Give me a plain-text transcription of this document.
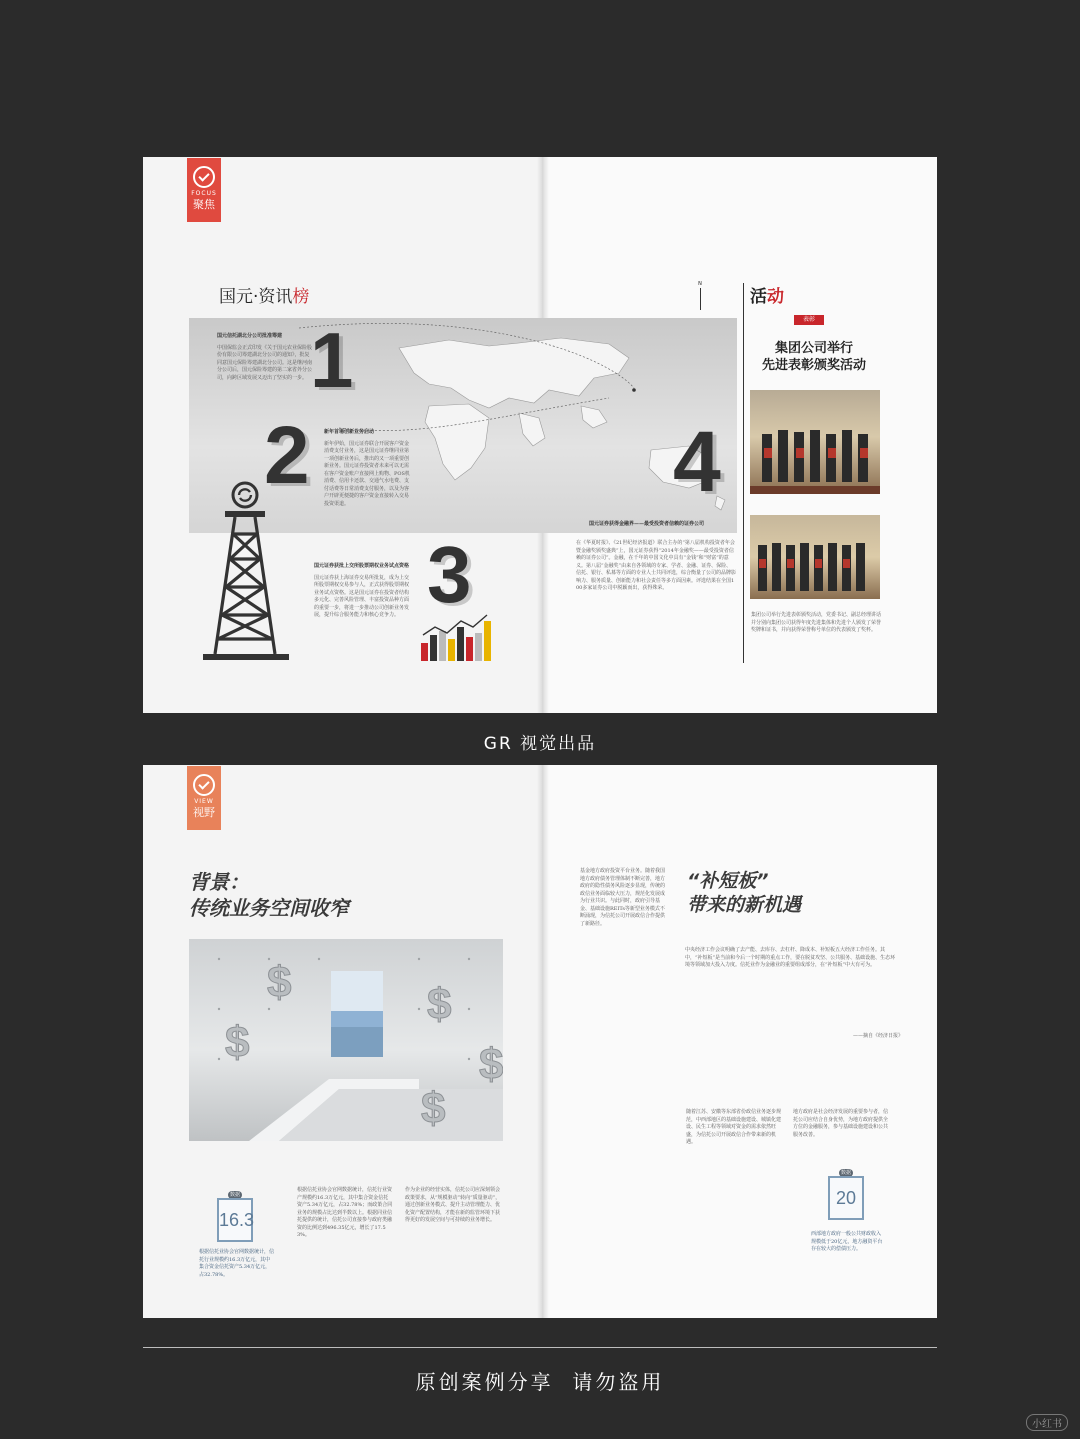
FOCUS
聚焦
国元·资讯榜
国元信托湖北分公司批准筹建
中国保监会正式印发《关于国元农业保险股份有限公司筹建湖北分公司的通知》，批复同意国元保险筹建湖北分公司。这是继河南分公司后，国元保险筹建的第二家省外分公司，向跨区域发展又迈出了坚实的一步。 1
2	新年首場创新业务启动
新年伊始，国元证券联合开展客户资金消费支付业务，这是国元证券继同业第一项创新业务后，推出的又一项重要创新业务。国元证券投资者未来可以无需在客户资金账户直接网上购物、POS机消费、信用卡还款、交通气水电费、支付话费等日常消费支付服务，以及为客户开辟更便捷的客户资金直接转入交易投资渠道。	4
国元证券获得金融界——最受投资者信赖的证券公司
国元证券获批上交所股票期权业务试点资格
国元证券获上海证券交易所批复，成为上交所股票期权交易参与人，正式获得股票期权业务试点资格。这是国元证券在投资者结构多元化、完善风险管理、丰富投资品种方面的重要一步，将进一步推动公司创新业务发展，提升综合服务能力和核心竞争力。 3	在《华夏时报》、《21世纪经济报道》联合主办的“第八届机构投资者年会暨金融奖颁奖盛典”上，国元证券获得“2014年金融奖——最受投资者信赖的证券公司”。金融，在千年的中国文化中具有“金钱”和“财富”的意义。第八届“金融奖”由来自各领域的专家、学者、金融、证券、保险、信托、银行、私募等方面的专业人士共同评选，综合衡量了公司的品牌影响力、服务质量、创新能力和社会责任等多方面因素。评选结果在全国100多家证券公司中脱颖而出，获得殊荣。
N
活动
表彰
集团公司举行
先进表彰颁奖活动
集团公司举行先进表彰颁奖活动，党委书记、副总经理讲话并分别向集团公司获得年度先进集体和先进个人颁发了荣誉奖牌和证书，并向获得荣誉称号单位的代表颁发了奖杯。
GR 视觉出品
VIEW
视野
背景：
传统业务空间收窄
$
$
$
$
$
数据
16.3
根据信托业协会官网数据统计，信托行业规模约16.3万亿元，其中集合资金信托资产5.34万亿元，占32.78%。
根据信托业协会官网数据统计，信托行业资产规模约16.3万亿元，其中集合资金信托资产5.34万亿元，占32.78%；而政策合同业务的规模占比达到半数以上。根据同业信托提供的统计，信托公司直接参与政府类融资的比例达到496.35亿元，增长了17.53%。
作为企业的经营实体，信托公司应深刻领会政策要求，从“规模驱动”转向“质量驱动”，通过创新业务模式、提升主动管理能力、优化资产配置结构，才能在新的监管环境下获得更好的发展空间与可持续的业务增长。
基金地方政府投资平台业务。随着我国地方政府债务管理体制不断完善，地方政府的隐性债务风险逐步显现，传统的政信业务面临较大压力，规范化发展成为行业共识。与此同时，政府引导基金、基础设施REITs等新型业务模式不断涌现，为信托公司开展政信合作提供了新路径。
“补短板”
带来的新机遇
中央经济工作会议明确了去产能、去库存、去杠杆、降成本、补短板五大经济工作任务。其中，“补短板”是当前和今后一个时期的重点工作，要在脱贫攻坚、公共服务、基础设施、生态环境等领域加大投入力度。信托业作为金融业的重要组成部分，在“补短板”中大有可为。
——摘自《经济日报》
随着江苏、安徽等东部省份政信业务逐步规范，中西部地区的基础设施建设、城镇化建设、民生工程等领域对资金的需求依然旺盛，为信托公司开展政信合作带来新的机遇。
地方政府是社会经济发展的重要参与者，信托公司应结合自身优势，为地方政府提供全方位的金融服务，参与基础设施建设和公共服务改善。
数据
20
西部地方政府一般公共财政收入规模低于20亿元，地方融资平台存在较大的偿债压力。
原创案例分享  请勿盗用
小红书
